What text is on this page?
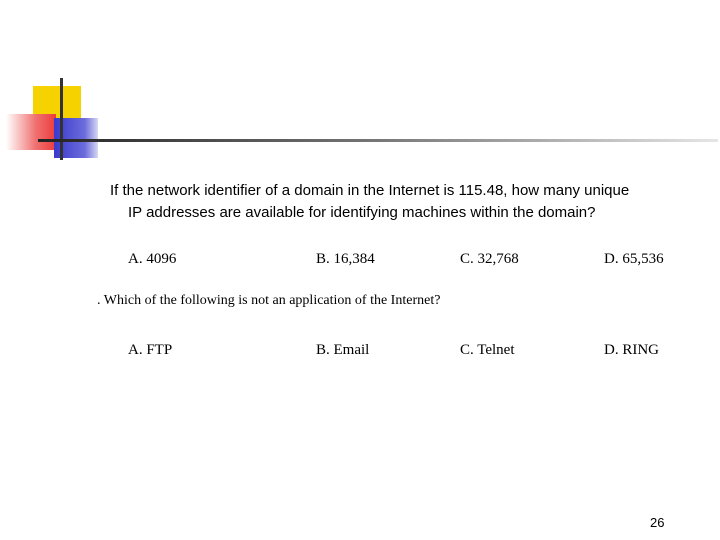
If the network identifier of a domain in the Internet is 115.48, how many unique
IP addresses are available for identifying machines within the domain?
A. 4096	B. 16,384	C. 32,768	D. 65,536
. Which of the following is not an application of the Internet?
A. FTP	B. Email	C. Telnet	D. RING
26
